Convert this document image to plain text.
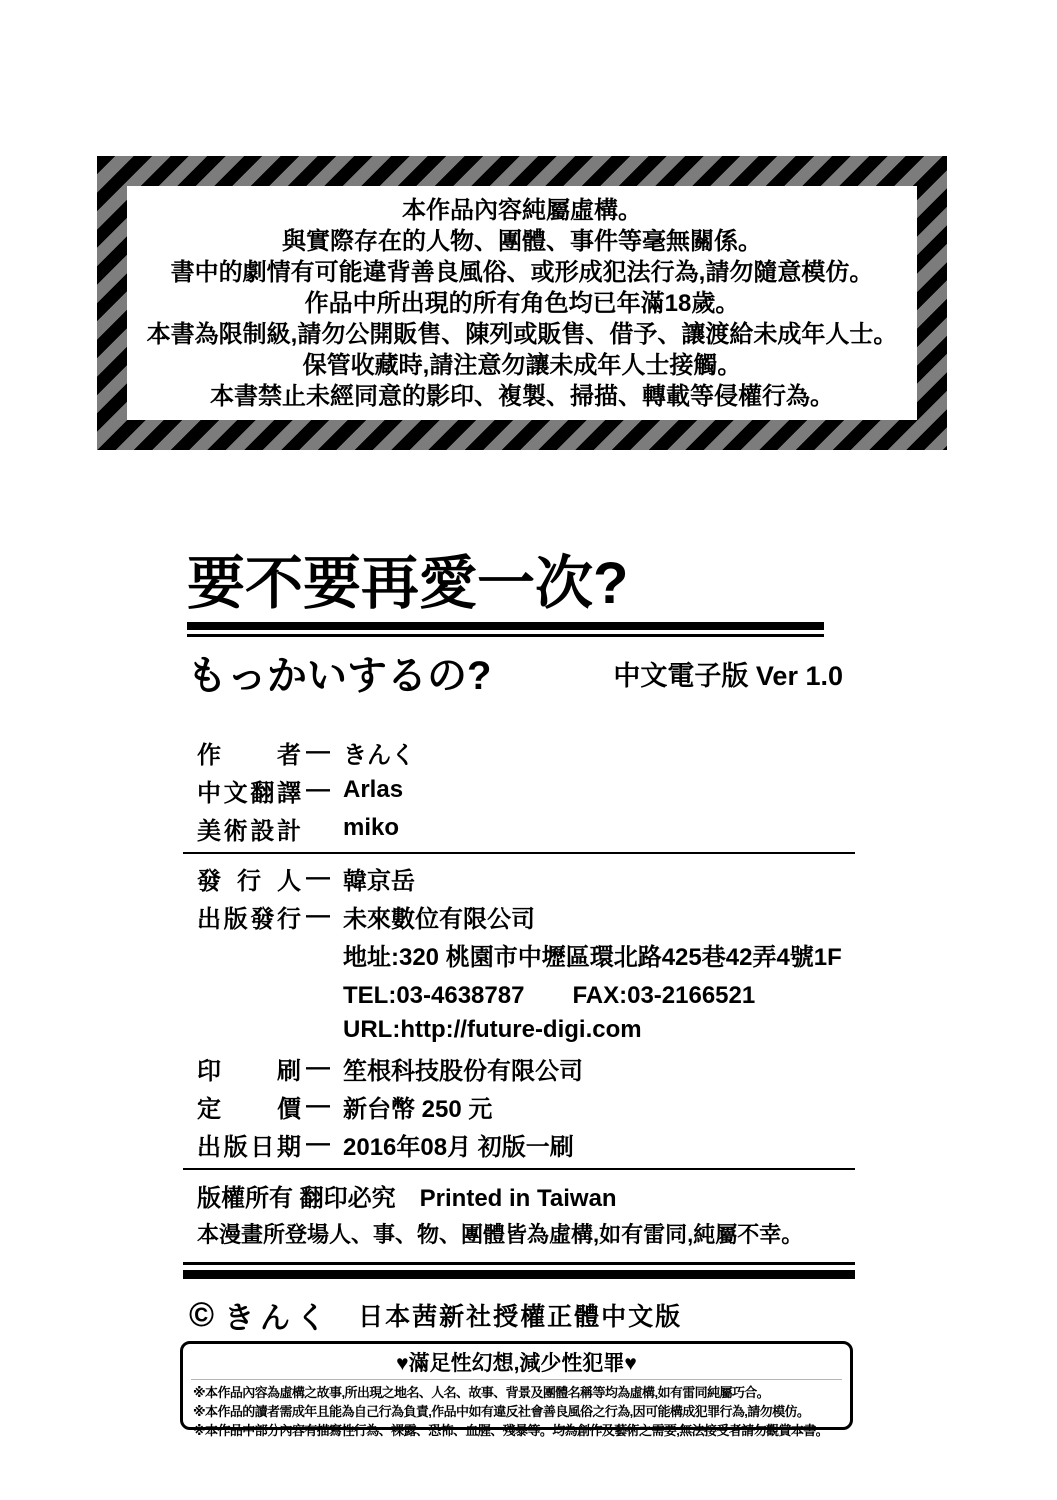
本作品內容純屬虛構。
與實際存在的人物、團體、事件等毫無關係。
書中的劇情有可能違背善良風俗、或形成犯法行為,請勿隨意模仿。
作品中所出現的所有角色均已年滿18歲。
本書為限制級,請勿公開販售、陳列或販售、借予、讓渡給未成年人士。
保管收藏時,請注意勿讓未成年人士接觸。
本書禁止未經同意的影印、複製、掃描、轉載等侵權行為。
要不要再愛一次?
もっかいするの?	中文電子版 Ver 1.0
作者 — きんく
中文翻譯 — Arlas
美術設計 miko
發行人 — 韓京岳
出版發行 — 未來數位有限公司
地址:320 桃園市中壢區環北路425巷42弄4號1F
TEL:03-4638787　　FAX:03-2166521
URL:http://future-digi.com
印刷 — 笙根科技股份有限公司
定價 — 新台幣 250 元
出版日期 — 2016年08月 初版一刷
版權所有 翻印必究　Printed in Taiwan
本漫畫所登場人、事、物、團體皆為虛構,如有雷同,純屬不幸。
© きんく 日本茜新社授權正體中文版
♥滿足性幻想,減少性犯罪♥
※本作品內容為虛構之故事,所出現之地名、人名、故事、背景及團體名稱等均為虛構,如有雷同純屬巧合。
※本作品的讀者需成年且能為自己行為負責,作品中如有違反社會善良風俗之行為,因可能構成犯罪行為,請勿模仿。
※本作品中部分內容有描寫性行為、裸露、恐怖、血腥、殘暴等。均為創作及藝術之需要,無法接受者請勿觀賞本書。
